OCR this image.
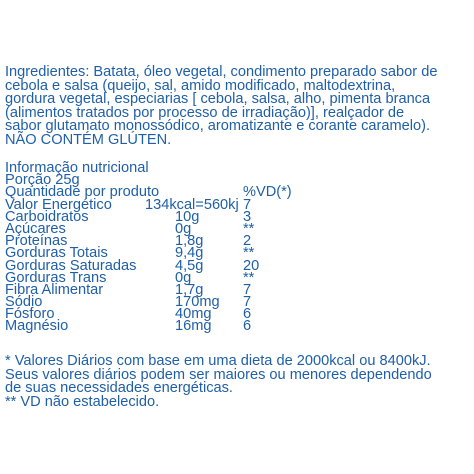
Ingredientes: Batata, óleo vegetal, condimento preparado sabor de
cebola e salsa (queijo, sal, amido modificado, maltodextrina,
gordura vegetal, especiarias [ cebola, salsa, alho, pimenta branca
(alimentos tratados por processo de irradiação)], realçador de
sabor glutamato monossódico, aromatizante e corante caramelo).
NÃO CONTÉM GLÚTEN.
Informação nutricional
Porção 25g
Quantidade por produto	%VD(*)
Valor Energético 134kcal=560kj 7
Carboidratos	10g	3
Açúcares	0g	**
Proteínas	1,8g	2
Gorduras Totais	9,4g	**
Gorduras Saturadas	4,5g	20
Gorduras Trans	0g	**
Fibra Alimentar	1,7g	7
Sódio	170mg 7
Fósforo	40mg 6
Magnésio	16mg 6
* Valores Diários com base em uma dieta de 2000kcal ou 8400kJ.
Seus valores diários podem ser maiores ou menores dependendo
de suas necessidades energéticas.
** VD não estabelecido.
